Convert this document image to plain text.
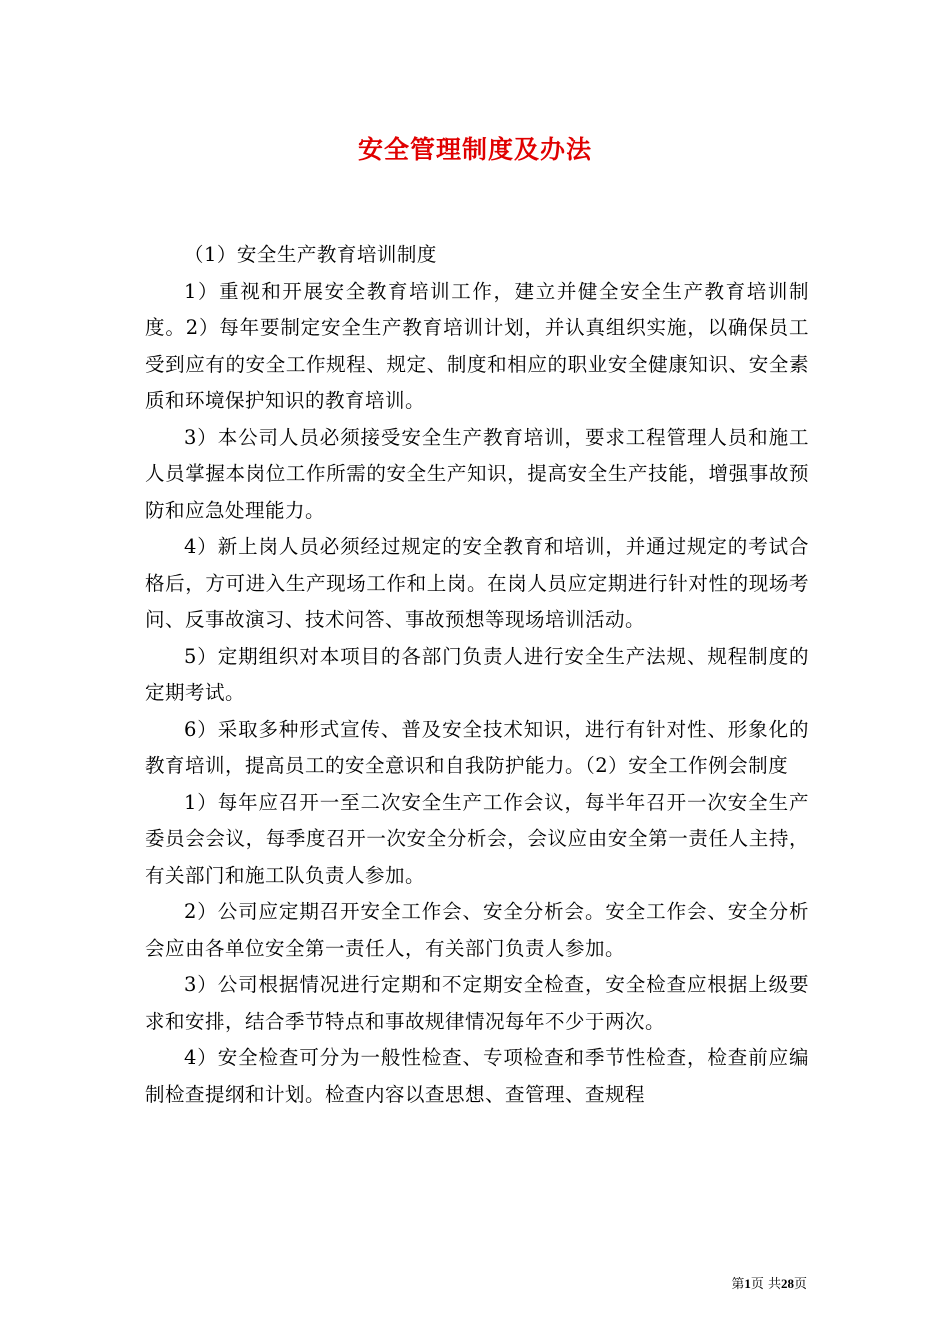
安全管理制度及办法

（1）安全生产教育培训制度

1）重视和开展安全教育培训工作，建立并健全安全生产教育培训制度。2）每年要制定安全生产教育培训计划，并认真组织实施，以确保员工受到应有的安全工作规程、规定、制度和相应的职业安全健康知识、安全素质和环境保护知识的教育培训。

3）本公司人员必须接受安全生产教育培训，要求工程管理人员和施工人员掌握本岗位工作所需的安全生产知识，提高安全生产技能，增强事故预防和应急处理能力。

4）新上岗人员必须经过规定的安全教育和培训，并通过规定的考试合格后，方可进入生产现场工作和上岗。在岗人员应定期进行针对性的现场考问、反事故演习、技术问答、事故预想等现场培训活动。

5）定期组织对本项目的各部门负责人进行安全生产法规、规程制度的定期考试。

6）采取多种形式宣传、普及安全技术知识，进行有针对性、形象化的教育培训，提高员工的安全意识和自我防护能力。（2）安全工作例会制度

1）每年应召开一至二次安全生产工作会议，每半年召开一次安全生产委员会会议，每季度召开一次安全分析会，会议应由安全第一责任人主持，有关部门和施工队负责人参加。

2）公司应定期召开安全工作会、安全分析会。安全工作会、安全分析会应由各单位安全第一责任人，有关部门负责人参加。

3）公司根据情况进行定期和不定期安全检查，安全检查应根据上级要求和安排，结合季节特点和事故规律情况每年不少于两次。

4）安全检查可分为一般性检查、专项检查和季节性检查，检查前应编制检查提纲和计划。检查内容以查思想、查管理、查规程

第1页 共28页
